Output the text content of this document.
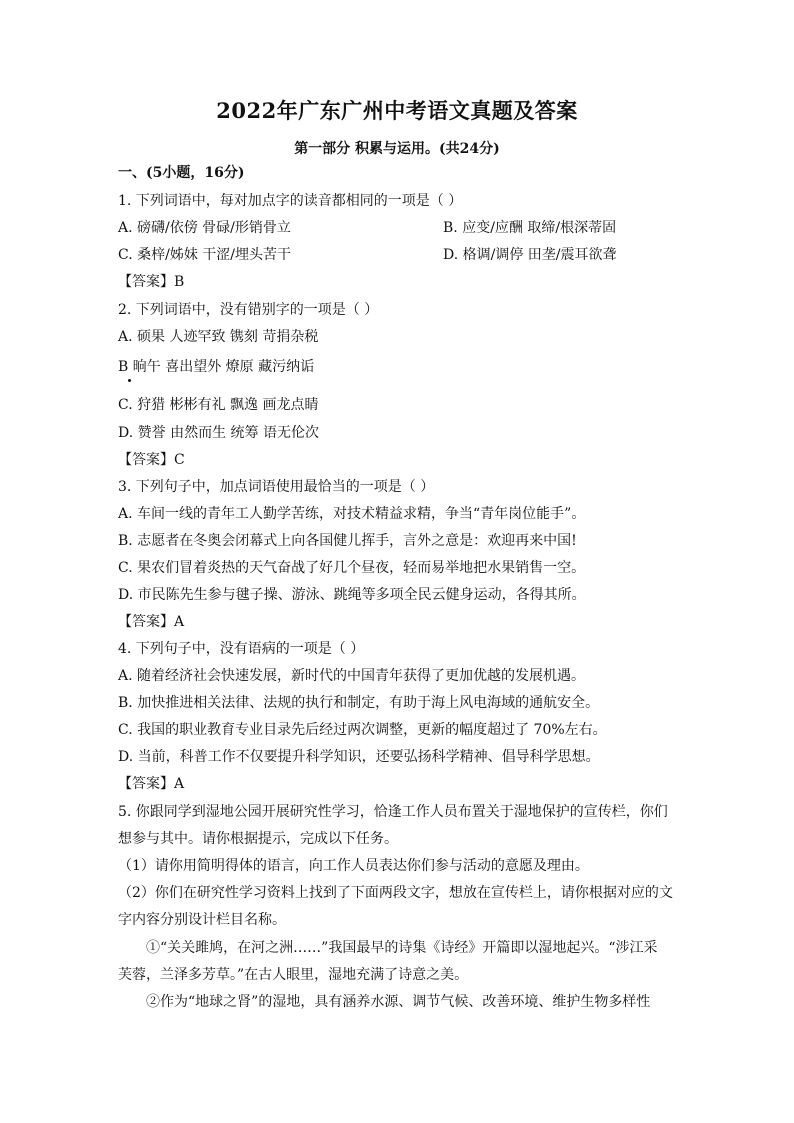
2022年广东广州中考语文真题及答案
第一部分 积累与运用。(共24分)
一、(5小题，16分)
1. 下列词语中，每对加点字的读音都相同的一项是（ ）
A. 磅礴/依傍 骨碌/形销骨立	B. 应变/应酬 取缔/根深蒂固
C. 桑梓/姊妹 干涩/埋头苦干	D. 格调/调停 田垄/震耳欲聋
【答案】B
2. 下列词语中，没有错别字的一项是（ ）
A. 硕果 人迹罕致 镌刻 苛捐杂税
B 晌午 喜出望外 燎原 藏污纳诟
C. 狩猎 彬彬有礼 飘逸 画龙点睛
D. 赞誉 由然而生 统筹 语无伦次
【答案】C
3. 下列句子中，加点词语使用最恰当的一项是（ ）
A. 车间一线的青年工人勤学苦练，对技术精益求精，争当“青年岗位能手”。
B. 志愿者在冬奥会闭幕式上向各国健儿挥手，言外之意是：欢迎再来中国!
C. 果农们冒着炎热的天气奋战了好几个昼夜，轻而易举地把水果销售一空。
D. 市民陈先生参与毽子操、游泳、跳绳等多项全民云健身运动，各得其所。
【答案】A
4. 下列句子中，没有语病的一项是（ ）
A. 随着经济社会快速发展，新时代的中国青年获得了更加优越的发展机遇。
B. 加快推进相关法律、法规的执行和制定，有助于海上风电海域的通航安全。
C. 我国的职业教育专业目录先后经过两次调整，更新的幅度超过了 70%左右。
D. 当前，科普工作不仅要提升科学知识，还要弘扬科学精神、倡导科学思想。
【答案】A
5. 你跟同学到湿地公园开展研究性学习，恰逢工作人员布置关于湿地保护的宣传栏，你们
想参与其中。请你根据提示，完成以下任务。
（1）请你用简明得体的语言，向工作人员表达你们参与活动的意愿及理由。
（2）你们在研究性学习资料上找到了下面两段文字，想放在宣传栏上，请你根据对应的文
字内容分别设计栏目名称。
①“关关雎鸠，在河之洲……”我国最早的诗集《诗经》开篇即以湿地起兴。“涉江采
芙蓉，兰泽多芳草。”在古人眼里，湿地充满了诗意之美。
②作为“地球之肾”的湿地，具有涵养水源、调节气候、改善环境、维护生物多样性
